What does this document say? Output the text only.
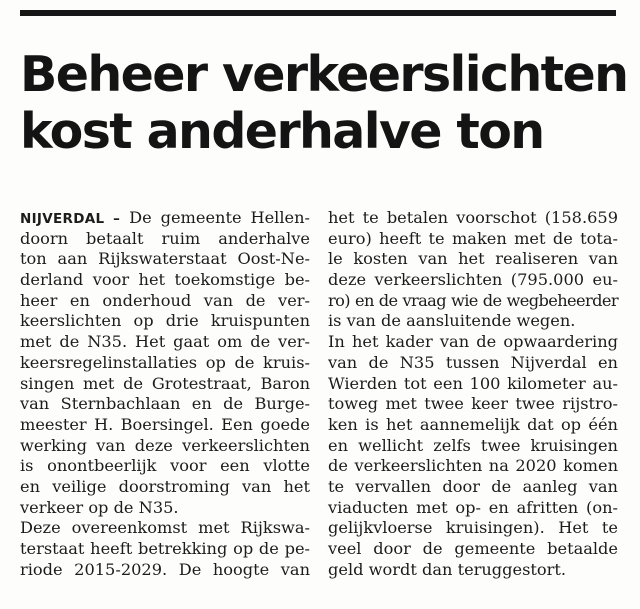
Beheer verkeerslichten
kost anderhalve ton
NIJVERDAL – De gemeente Hellen-
doorn betaalt ruim anderhalve
ton aan Rijkswaterstaat Oost-Ne-
derland voor het toekomstige be-
heer en onderhoud van de ver-
keerslichten op drie kruispunten
met de N35. Het gaat om de ver-
keersregelinstallaties op de kruis-
singen met de Grotestraat, Baron
van Sternbachlaan en de Burge-
meester H. Boersingel. Een goede
werking van deze verkeerslichten
is onontbeerlijk voor een vlotte
en veilige doorstroming van het
verkeer op de N35.
Deze overeenkomst met Rijkswa-
terstaat heeft betrekking op de pe-
riode 2015-2029. De hoogte van
het te betalen voorschot (158.659
euro) heeft te maken met de tota-
le kosten van het realiseren van
deze verkeerslichten (795.000 eu-
ro) en de vraag wie de wegbeheerder
is van de aansluitende wegen.
In het kader van de opwaardering
van de N35 tussen Nijverdal en
Wierden tot een 100 kilometer au-
toweg met twee keer twee rijstro-
ken is het aannemelijk dat op één
en wellicht zelfs twee kruisingen
de verkeerslichten na 2020 komen
te vervallen door de aanleg van
viaducten met op- en afritten (on-
gelijkvloerse kruisingen). Het te
veel door de gemeente betaalde
geld wordt dan teruggestort.
